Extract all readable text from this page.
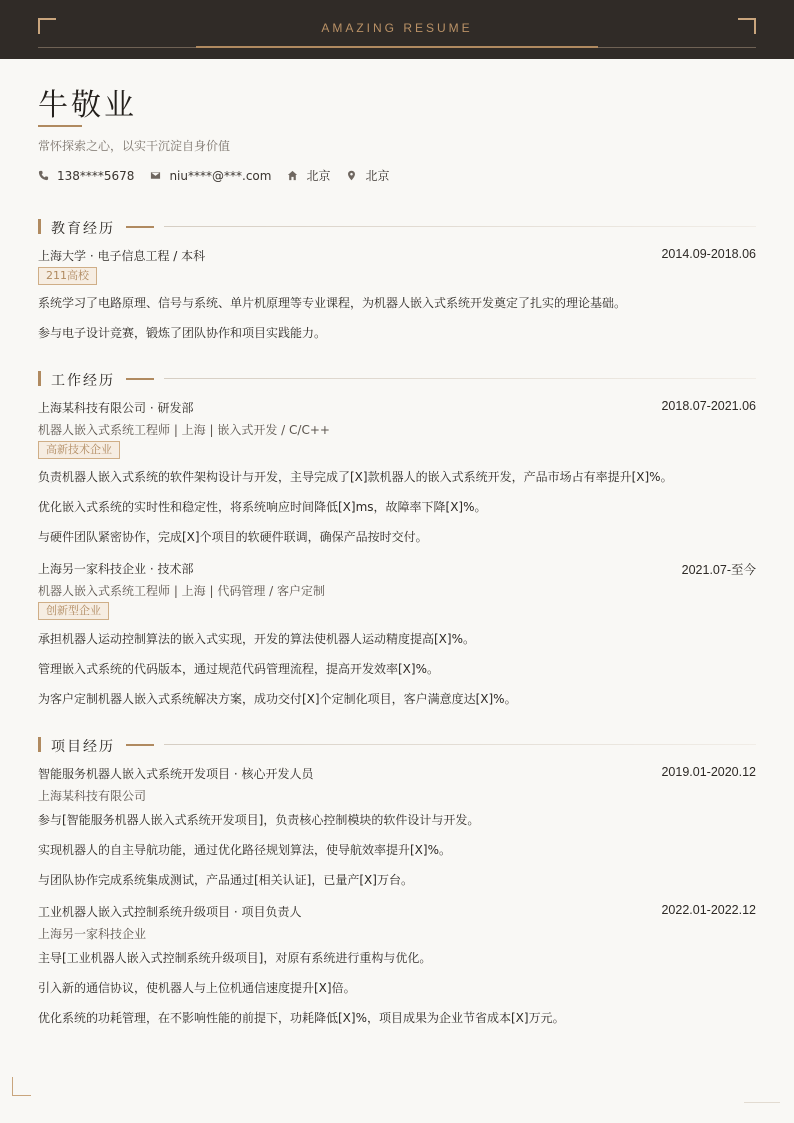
AMAZING RESUME
牛敬业
常怀探索之心，以实干沉淀自身价值
138****5678	niu****@***.com	北京	北京
教育经历
上海大学 · 电子信息工程 / 本科	2014.09-2018.06
211高校
系统学习了电路原理、信号与系统、单片机原理等专业课程，为机器人嵌入式系统开发奠定了扎实的理论基础。
参与电子设计竞赛，锻炼了团队协作和项目实践能力。
工作经历
上海某科技有限公司 · 研发部	2018.07-2021.06
机器人嵌入式系统工程师 | 上海 | 嵌入式开发 / C/C++
高新技术企业
负责机器人嵌入式系统的软件架构设计与开发，主导完成了[X]款机器人的嵌入式系统开发，产品市场占有率提升[X]%。
优化嵌入式系统的实时性和稳定性，将系统响应时间降低[X]ms，故障率下降[X]%。
与硬件团队紧密协作，完成[X]个项目的软硬件联调，确保产品按时交付。
上海另一家科技企业 · 技术部	2021.07-至今
机器人嵌入式系统工程师 | 上海 | 代码管理 / 客户定制
创新型企业
承担机器人运动控制算法的嵌入式实现，开发的算法使机器人运动精度提高[X]%。
管理嵌入式系统的代码版本，通过规范代码管理流程，提高开发效率[X]%。
为客户定制机器人嵌入式系统解决方案，成功交付[X]个定制化项目，客户满意度达[X]%。
项目经历
智能服务机器人嵌入式系统开发项目 · 核心开发人员	2019.01-2020.12
上海某科技有限公司
参与[智能服务机器人嵌入式系统开发项目]，负责核心控制模块的软件设计与开发。
实现机器人的自主导航功能，通过优化路径规划算法，使导航效率提升[X]%。
与团队协作完成系统集成测试，产品通过[相关认证]，已量产[X]万台。
工业机器人嵌入式控制系统升级项目 · 项目负责人	2022.01-2022.12
上海另一家科技企业
主导[工业机器人嵌入式控制系统升级项目]，对原有系统进行重构与优化。
引入新的通信协议，使机器人与上位机通信速度提升[X]倍。
优化系统的功耗管理，在不影响性能的前提下，功耗降低[X]%，项目成果为企业节省成本[X]万元。
